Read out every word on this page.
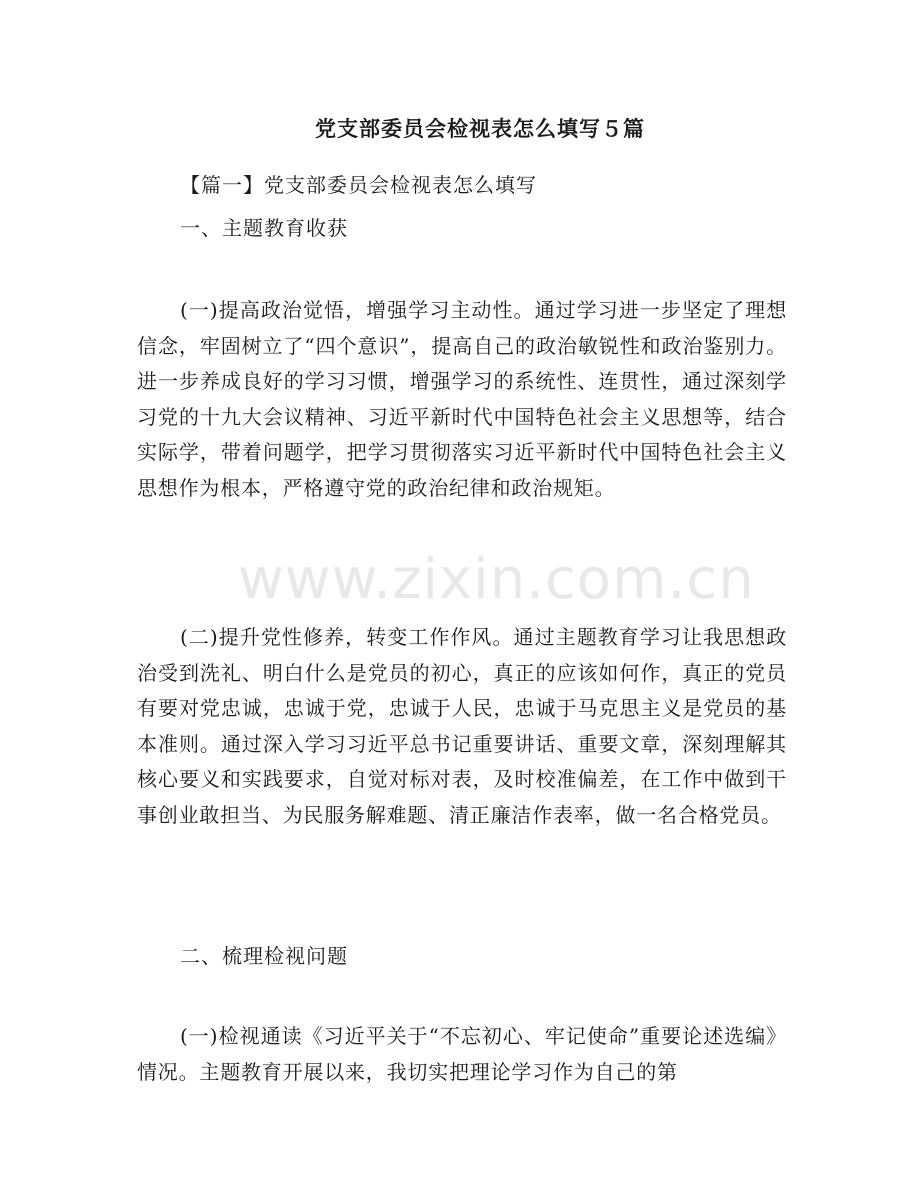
党支部委员会检视表怎么填写５篇

【篇一】党支部委员会检视表怎么填写

一、主题教育收获

(一)提高政治觉悟，增强学习主动性。通过学习进一步坚定了理想信念，牢固树立了“四个意识”，提高自己的政治敏锐性和政治鉴别力。进一步养成良好的学习习惯，增强学习的系统性、连贯性，通过深刻学习党的十九大会议精神、习近平新时代中国特色社会主义思想等，结合实际学，带着问题学，把学习贯彻落实习近平新时代中国特色社会主义思想作为根本，严格遵守党的政治纪律和政治规矩。

(二)提升党性修养，转变工作作风。通过主题教育学习让我思想政治受到洗礼、明白什么是党员的初心，真正的应该如何作，真正的党员有要对党忠诚，忠诚于党，忠诚于人民，忠诚于马克思主义是党员的基本准则。通过深入学习习近平总书记重要讲话、重要文章，深刻理解其核心要义和实践要求，自觉对标对表，及时校准偏差，在工作中做到干事创业敢担当、为民服务解难题、清正廉洁作表率，做一名合格党员。

二、梳理检视问题

(一)检视通读《习近平关于“不忘初心、牢记使命”重要论述选编》情况。主题教育开展以来，我切实把理论学习作为自己的第

www.zixin.com.cn
